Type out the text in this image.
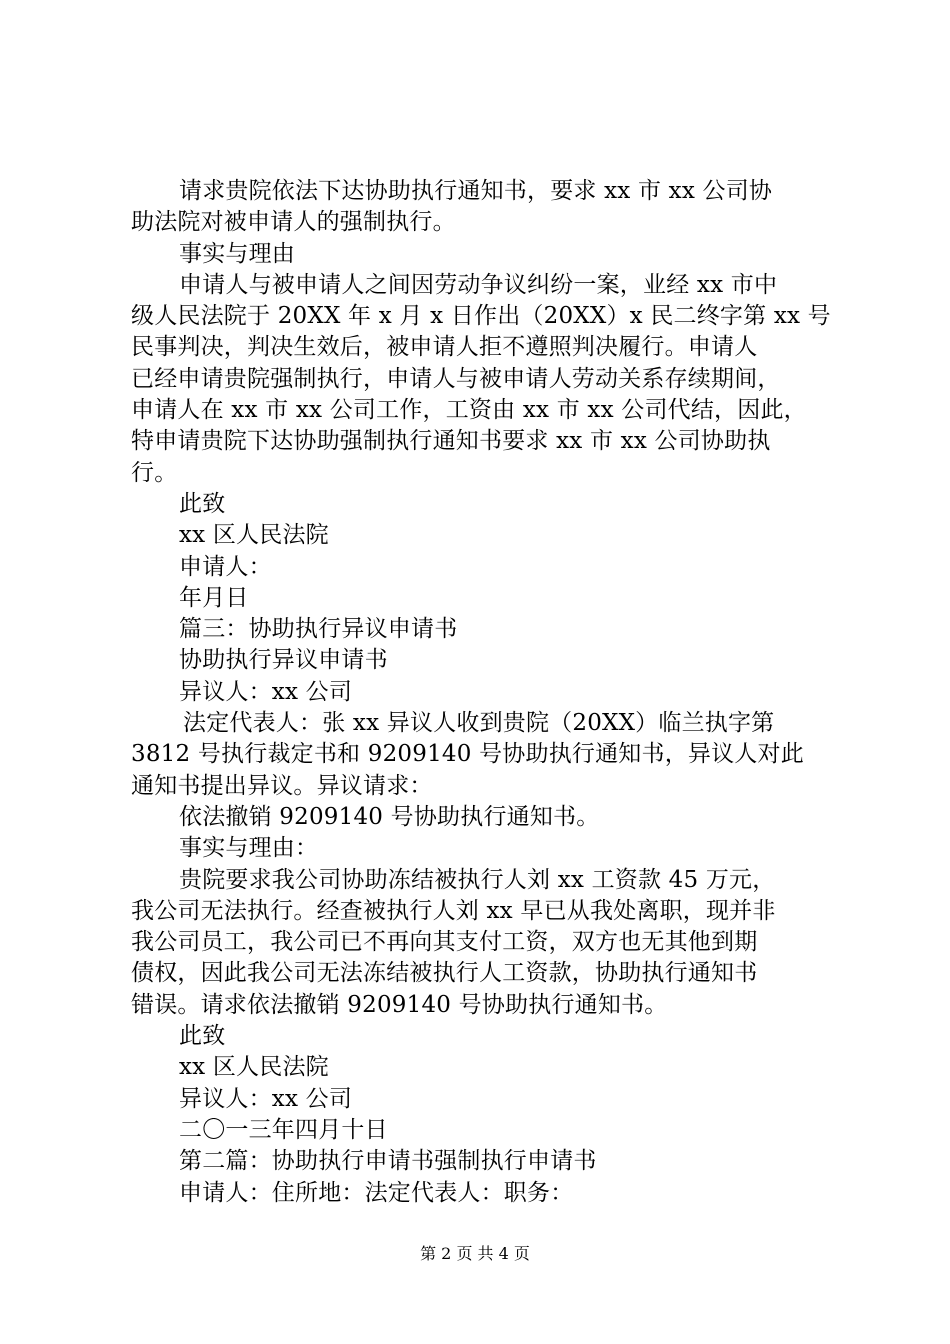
请求贵院依法下达协助执行通知书，要求 xx 市 xx 公司协
助法院对被申请人的强制执行。
事实与理由
申请人与被申请人之间因劳动争议纠纷一案，业经 xx 市中
级人民法院于 20XX 年 x 月 x 日作出（20XX）x 民二终字第 xx 号
民事判决，判决生效后，被申请人拒不遵照判决履行。申请人
已经申请贵院强制执行，申请人与被申请人劳动关系存续期间，
申请人在 xx 市 xx 公司工作，工资由 xx 市 xx 公司代结，因此，
特申请贵院下达协助强制执行通知书要求 xx 市 xx 公司协助执
行。
此致
xx 区人民法院
申请人：
年月日
篇三：协助执行异议申请书
协助执行异议申请书
异议人：xx 公司
法定代表人：张 xx 异议人收到贵院（20XX）临兰执字第
3812 号执行裁定书和 9209140 号协助执行通知书，异议人对此
通知书提出异议。异议请求：
依法撤销 9209140 号协助执行通知书。
事实与理由：
贵院要求我公司协助冻结被执行人刘 xx 工资款 45 万元，
我公司无法执行。经查被执行人刘 xx 早已从我处离职，现并非
我公司员工，我公司已不再向其支付工资，双方也无其他到期
债权，因此我公司无法冻结被执行人工资款，协助执行通知书
错误。请求依法撤销 9209140 号协助执行通知书。
此致
xx 区人民法院
异议人：xx 公司
二〇一三年四月十日
第二篇：协助执行申请书强制执行申请书
申请人：住所地：法定代表人：职务：
第 2 页 共 4 页
